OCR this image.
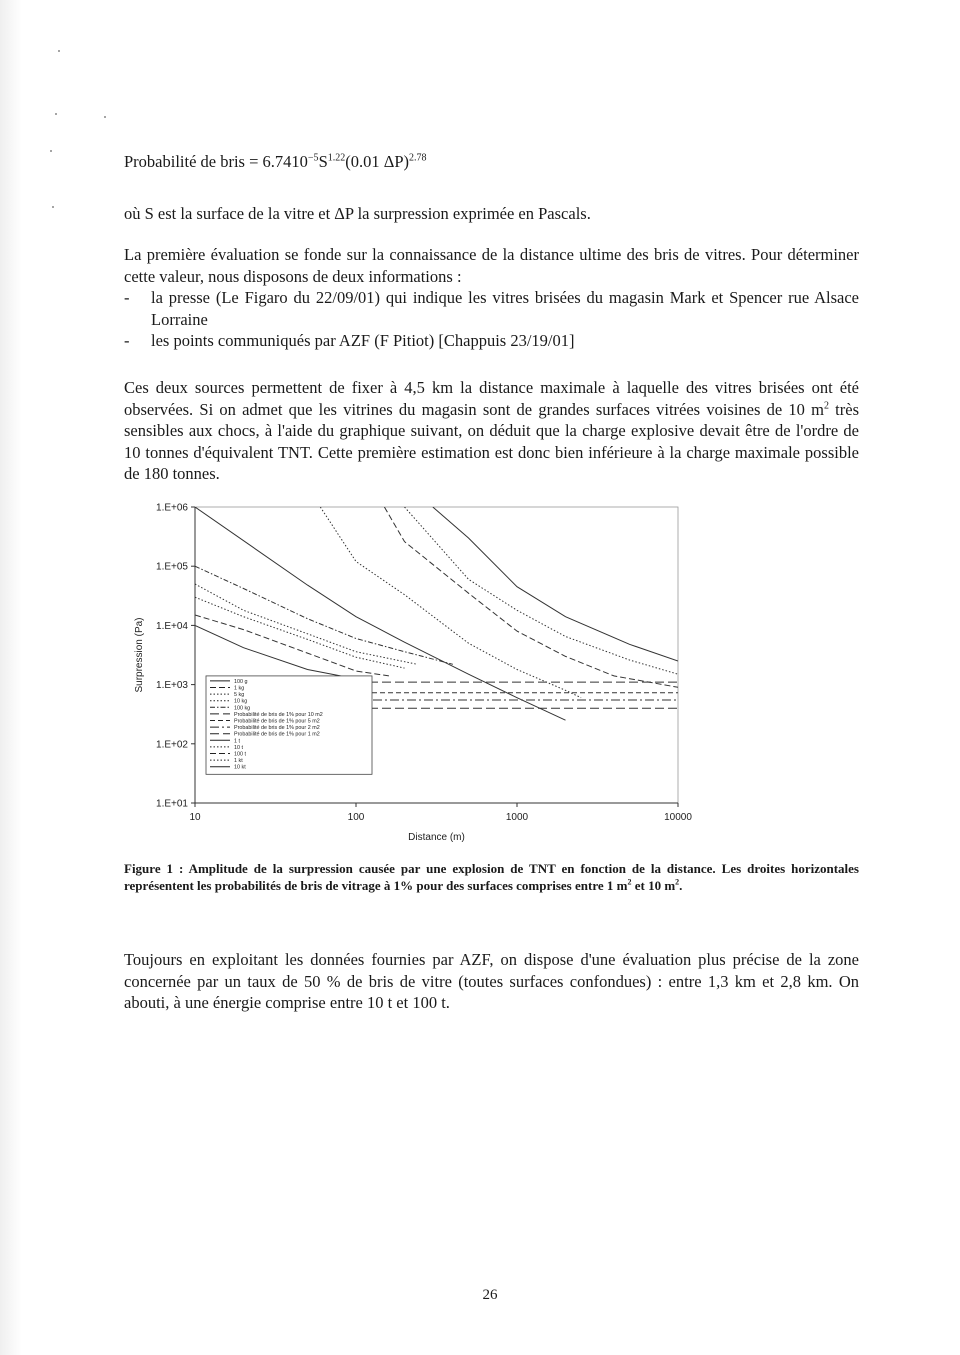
Probabilité de bris = $6.7410^{-5}S^{1.22}(0.01$ ΔP)$^{2.78}$
où S est la surface de la vitre et ΔP la surpression exprimée en Pascals.
La première évaluation se fonde sur la connaissance de la distance ultime des bris de vitres. Pour déterminer cette valeur, nous disposons de deux informations :
- la presse (Le Figaro du 22/09/01) qui indique les vitres brisées du magasin Mark et Spencer rue Alsace Lorraine
- les points communiqués par AZF (F Pitiot) [Chappuis 23/19/01]
Ces deux sources permettent de fixer à 4,5 km la distance maximale à laquelle des vitres brisées ont été observées. Si on admet que les vitrines du magasin sont de grandes surfaces vitrées voisines de 10 $m^2$ très sensibles aux chocs, à l'aide du graphique suivant, on déduit que la charge explosive devait être de l'ordre de 10 tonnes d'équivalent TNT. Cette première estimation est donc bien inférieure à la charge maximale possible de 180 tonnes.
1.E+06
1.E+05
1.E+04
1.E+03
1.E+02
1.E+01
10	100	1000	10000
Distance (m)
Surpression (Pa)	100 g
1 kg
5 kg
10 kg
100 kg
Probabilité de bris de 1% pour 10 m2
Probabilité de bris de 1% pour 5 m2
Probabilité de bris de 1% pour 2 m2
Probabilité de bris de 1% pour 1 m2
1 t
10 t
100 t
1 kt
10 kt
Figure 1 : Amplitude de la surpression causée par une explosion de TNT en fonction de la distance. Les droites horizontales représentent les probabilités de bris de vitrage à 1% pour des surfaces comprises entre 1 $m^2$ et 10 $m^2$.
Toujours en exploitant les données fournies par AZF, on dispose d'une évaluation plus précise de la zone concernée par un taux de 50 % de bris de vitre (toutes surfaces confondues) : entre 1,3 km et 2,8 km. On abouti, à une énergie comprise entre 10 t et 100 t.
26
